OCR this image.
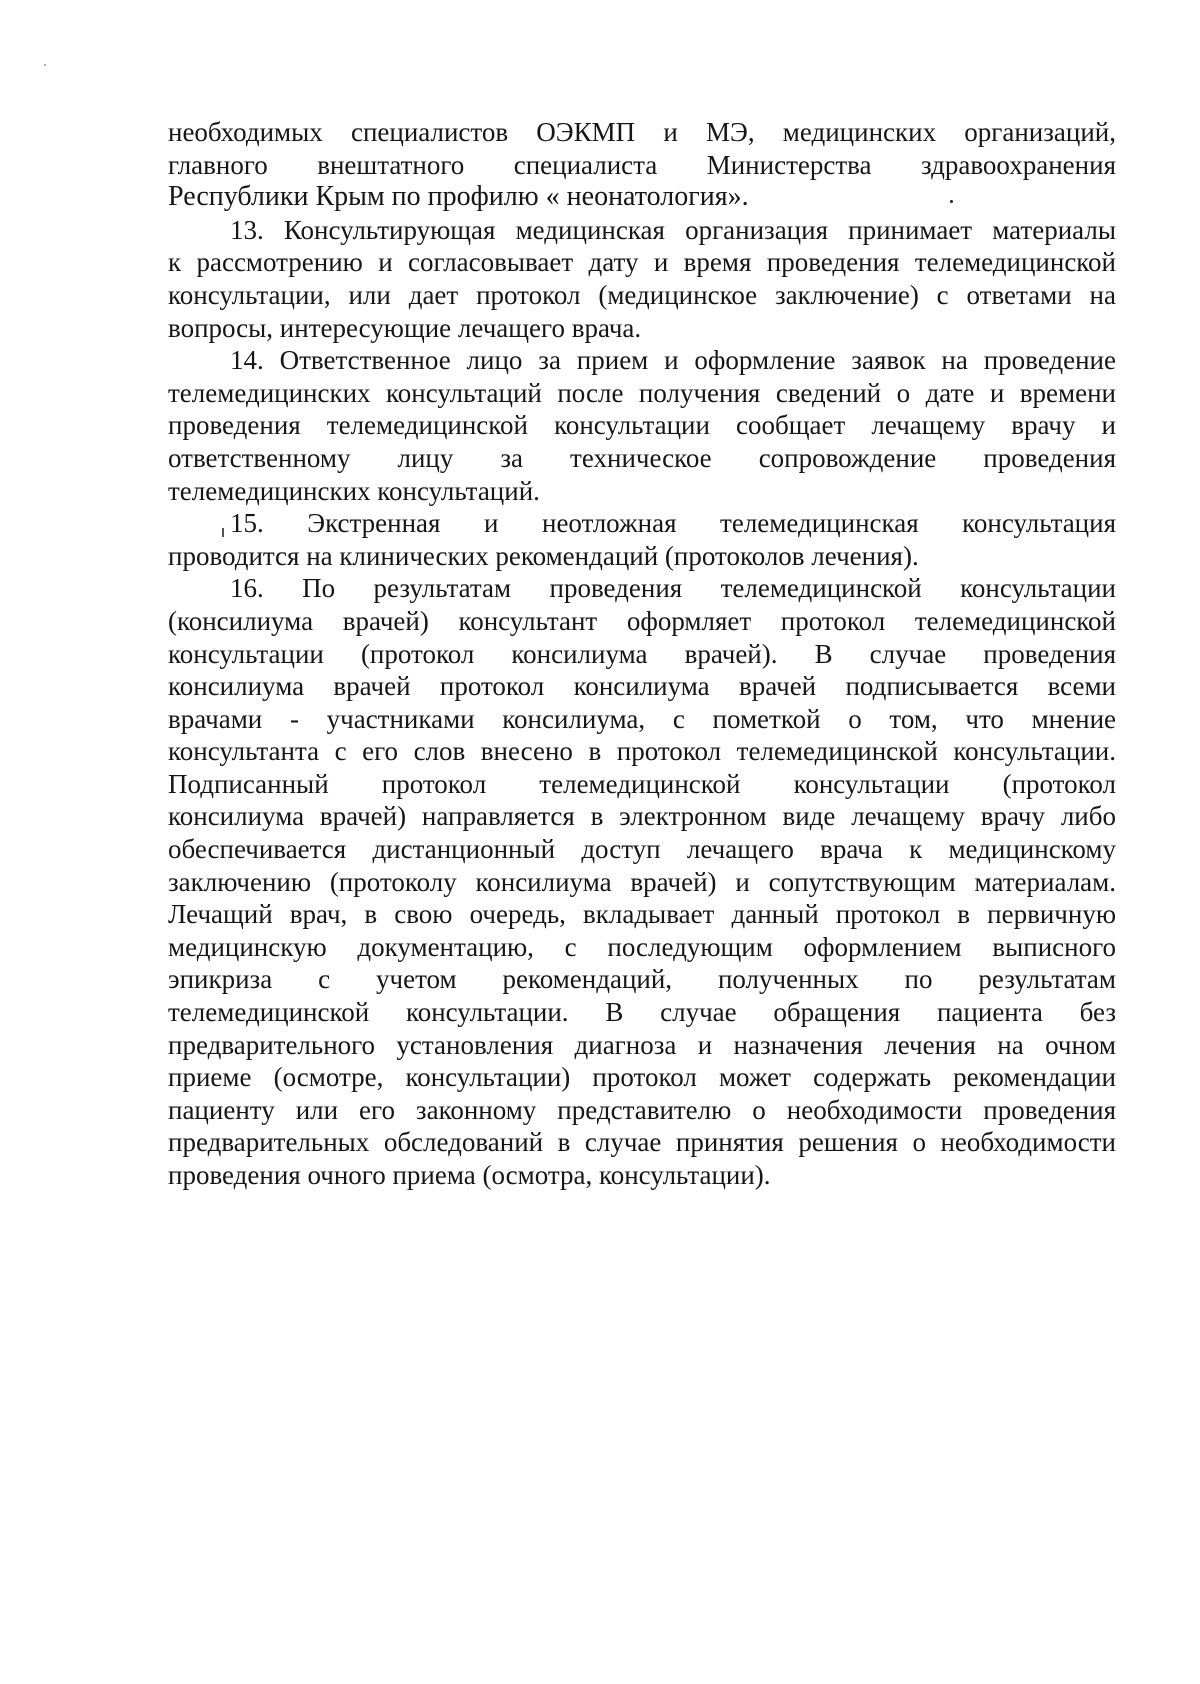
необходимых специалистов ОЭКМП и МЭ, медицинских организаций,
главного внештатного специалиста Министерства здравоохранения
Республики Крым по профилю « неонатология».
13. Консультирующая медицинская организация принимает материалы
к рассмотрению и согласовывает дату и время проведения телемедицинской
консультации, или дает протокол (медицинское заключение) с ответами на
вопросы, интересующие лечащего врача.
14. Ответственное лицо за прием и оформление заявок на проведение
телемедицинских консультаций после получения сведений о дате и времени
проведения телемедицинской консультации сообщает лечащему врачу и
ответственному лицу за техническое сопровождение проведения
телемедицинских консультаций.
15. Экстренная и неотложная телемедицинская консультация
проводится на клинических рекомендаций (протоколов лечения).
16. По результатам проведения телемедицинской консультации
(консилиума врачей) консультант оформляет протокол телемедицинской
консультации (протокол консилиума врачей). В случае проведения
консилиума врачей протокол консилиума врачей подписывается всеми
врачами - участниками консилиума, с пометкой о том, что мнение
консультанта с его слов внесено в протокол телемедицинской консультации.
Подписанный протокол телемедицинской консультации (протокол
консилиума врачей) направляется в электронном виде лечащему врачу либо
обеспечивается дистанционный доступ лечащего врача к медицинскому
заключению (протоколу консилиума врачей) и сопутствующим материалам.
Лечащий врач, в свою очередь, вкладывает данный протокол в первичную
медицинскую документацию, с последующим оформлением выписного
эпикриза с учетом рекомендаций, полученных по результатам
телемедицинской консультации. В случае обращения пациента без
предварительного установления диагноза и назначения лечения на очном
приеме (осмотре, консультации) протокол может содержать рекомендации
пациенту или его законному представителю о необходимости проведения
предварительных обследований в случае принятия решения о необходимости
проведения очного приема (осмотра, консультации).
